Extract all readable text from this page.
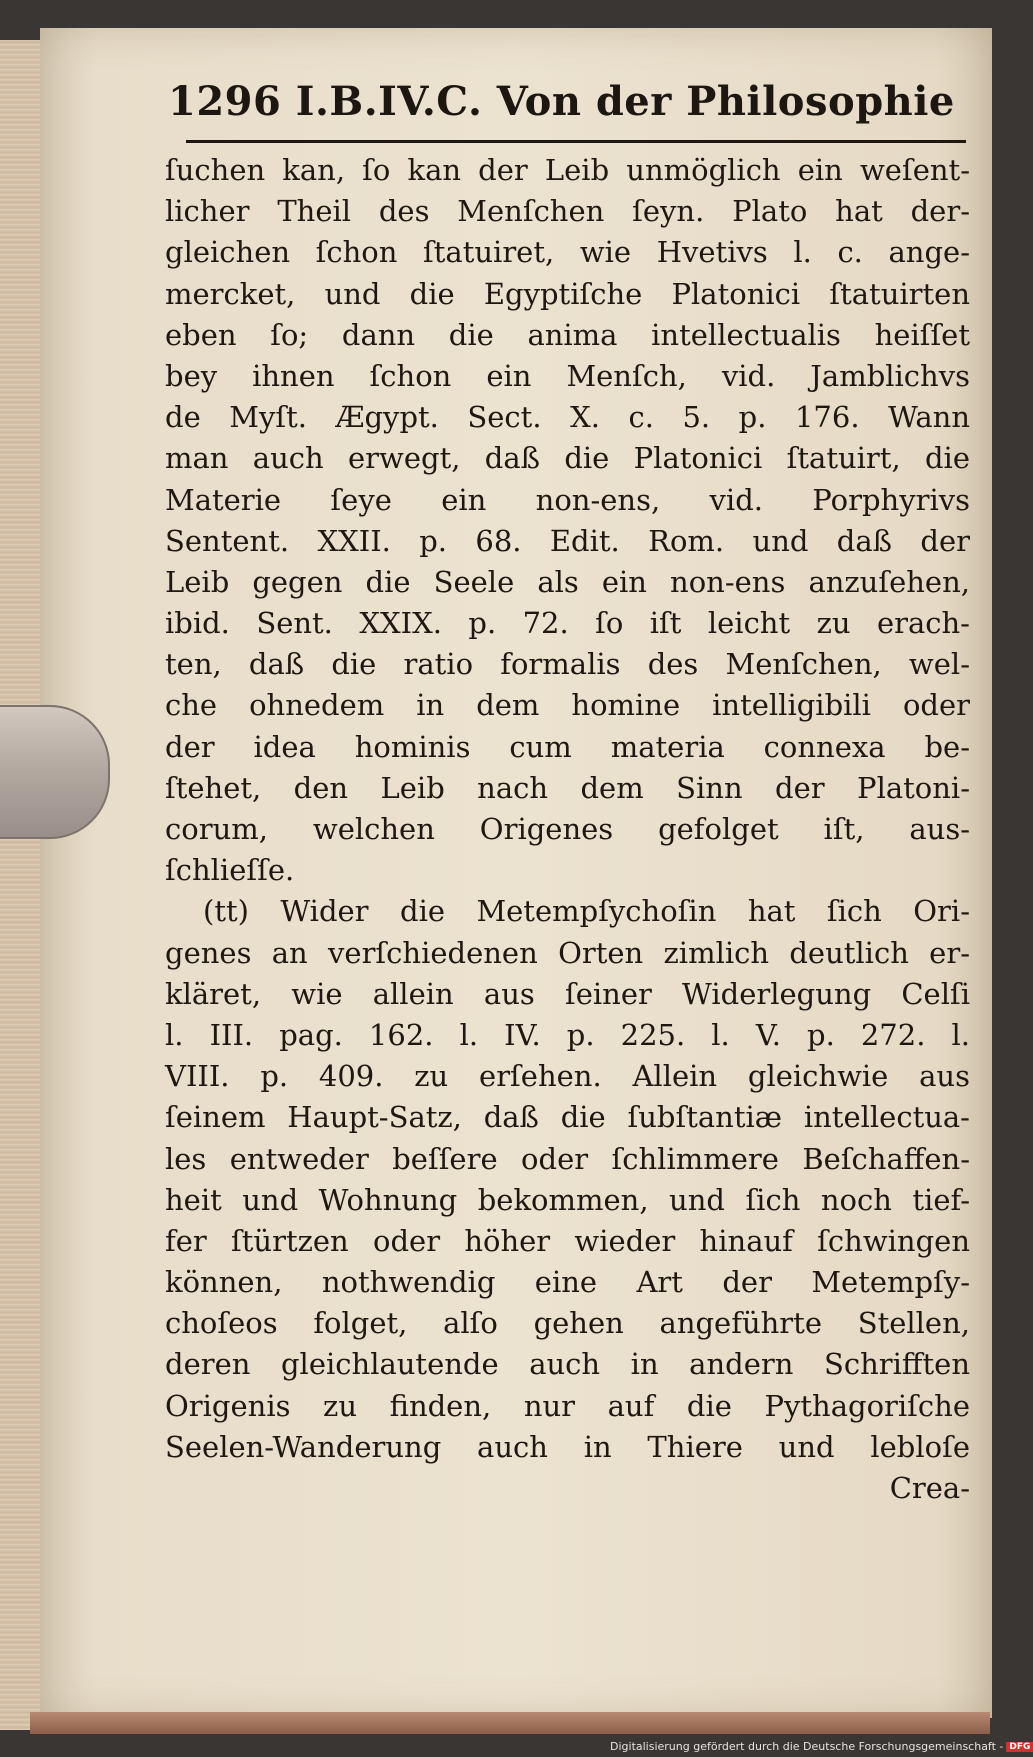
1296 I.B.IV.C. Von der Philosophie
ſuchen kan, ſo kan der Leib unmöglich ein weſent-
licher Theil des Menſchen ſeyn. Plato hat der-
gleichen ſchon ſtatuiret, wie Hvetivs l. c. ange-
mercket, und die Egyptiſche Platonici ſtatuirten
eben ſo; dann die anima intellectualis heiſſet
bey ihnen ſchon ein Menſch, vid. Jamblichvs
de Myſt. Ægypt. Sect. X. c. 5. p. 176. Wann
man auch erwegt, daß die Platonici ſtatuirt, die
Materie ſeye ein non-ens, vid. Porphyrivs
Sentent. XXII. p. 68. Edit. Rom. und daß der
Leib gegen die Seele als ein non-ens anzuſehen,
ibid. Sent. XXIX. p. 72. ſo iſt leicht zu erach-
ten, daß die ratio formalis des Menſchen, wel-
che ohnedem in dem homine intelligibili oder
der idea hominis cum materia connexa be-
ſtehet, den Leib nach dem Sinn der Platoni-
corum, welchen Origenes gefolget iſt, aus-
ſchlieſſe.
(tt) Wider die Metempſychoſin hat ſich Ori-
genes an verſchiedenen Orten zimlich deutlich er-
kläret, wie allein aus ſeiner Widerlegung Celſi
l. III. pag. 162. l. IV. p. 225. l. V. p. 272. l.
VIII. p. 409. zu erſehen. Allein gleichwie aus
ſeinem Haupt-Satz, daß die ſubſtantiæ intellectua-
les entweder beſſere oder ſchlimmere Beſchaffen-
heit und Wohnung bekommen, und ſich noch tief-
fer ſtürtzen oder höher wieder hinauf ſchwingen
können, nothwendig eine Art der Metempſy-
choſeos folget, alſo gehen angeführte Stellen,
deren gleichlautende auch in andern Schrifften
Origenis zu finden, nur auf die Pythagoriſche
Seelen-Wanderung auch in Thiere und lebloſe
Crea-
Digitalisierung gefördert durch die Deutsche Forschungsgemeinschaft - DFG
